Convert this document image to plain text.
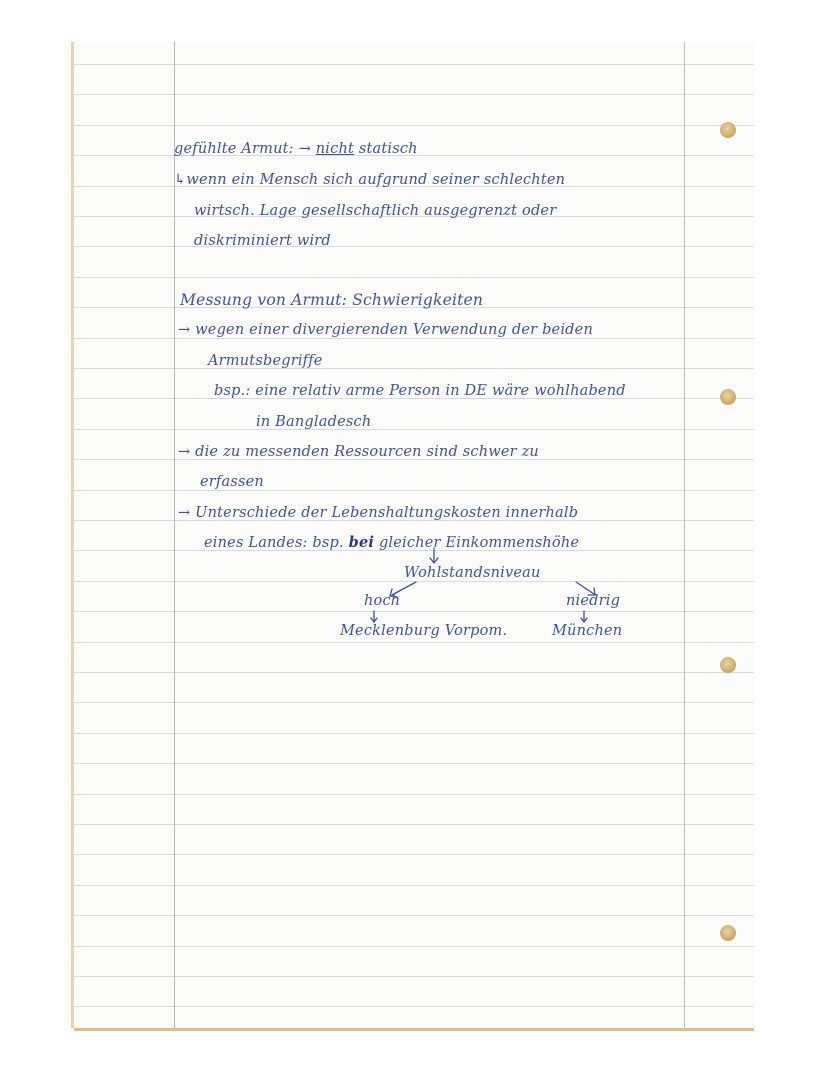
gefühlte Armut: → nicht statisch
↳wenn ein Mensch sich aufgrund seiner schlechten
wirtsch. Lage gesellschaftlich ausgegrenzt oder
diskriminiert wird
Messung von Armut: Schwierigkeiten
→ wegen einer divergierenden Verwendung der beiden
Armutsbegriffe
bsp.: eine relativ arme Person in DE wäre wohlhabend
in Bangladesch
→ die zu messenden Ressourcen sind schwer zu
erfassen
→ Unterschiede der Lebenshaltungskosten innerhalb
eines Landes: bsp. bei gleicher Einkommenshöhe
Wohlstandsniveau
hoch	niedrig
Mecklenburg Vorpom.	München
